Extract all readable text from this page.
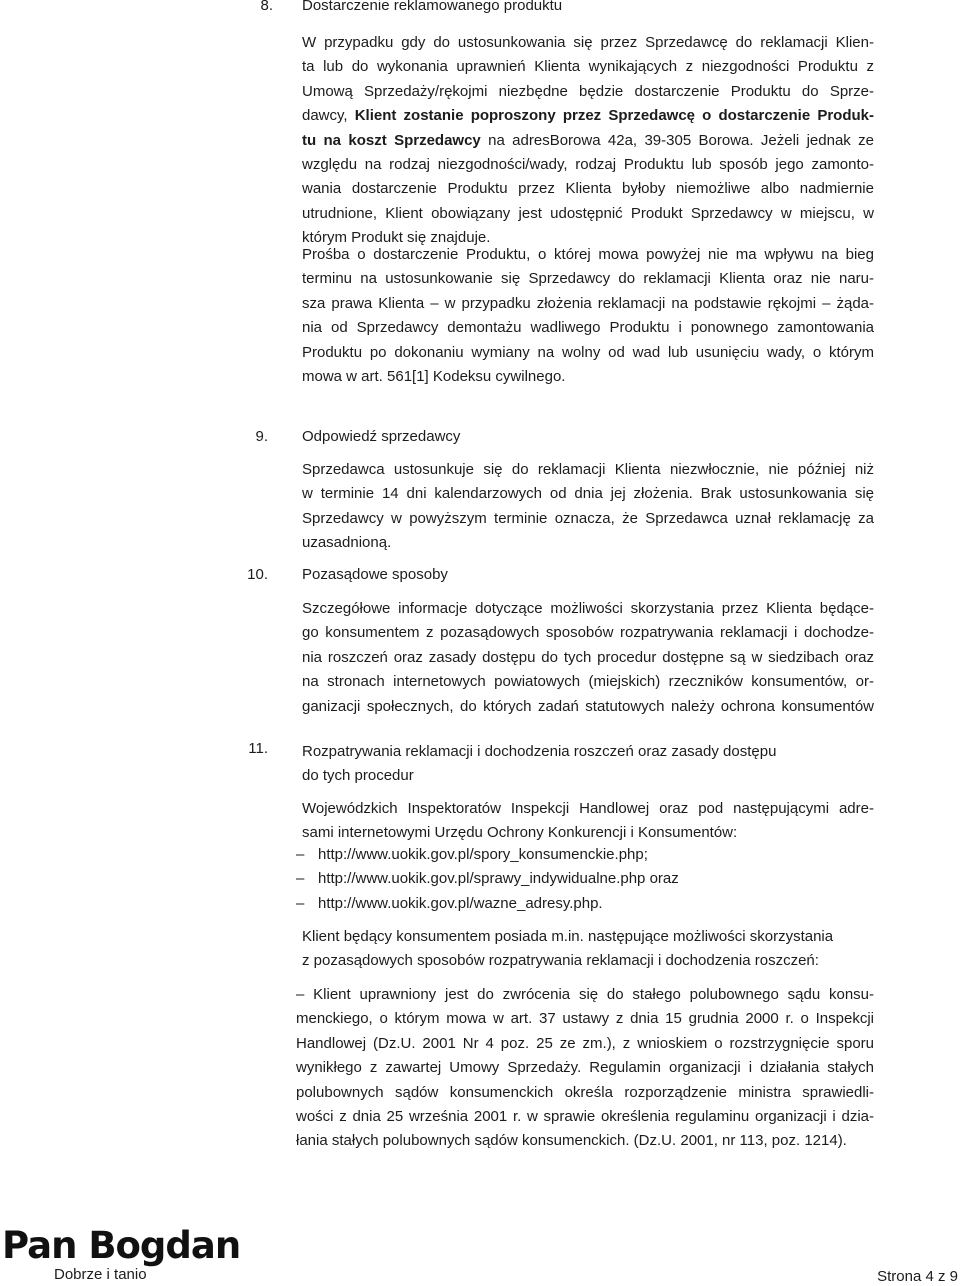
8. Dostarczenie reklamowanego produktu
W przypadku gdy do ustosunkowania się przez Sprzedawcę do reklamacji Klien-
ta lub do wykonania uprawnień Klienta wynikających z niezgodności Produktu z
Umową Sprzedaży/rękojmi niezbędne będzie dostarczenie Produktu do Sprze-
dawcy, Klient zostanie poproszony przez Sprzedawcę o dostarczenie Produk-
tu na koszt Sprzedawcy na adresBorowa 42a, 39-305 Borowa. Jeżeli jednak ze
względu na rodzaj niezgodności/wady, rodzaj Produktu lub sposób jego zamonto-
wania dostarczenie Produktu przez Klienta byłoby niemożliwe albo nadmiernie
utrudnione, Klient obowiązany jest udostępnić Produkt Sprzedawcy w miejscu, w
którym Produkt się znajduje.
Prośba o dostarczenie Produktu, o której mowa powyżej nie ma wpływu na bieg
terminu na ustosunkowanie się Sprzedawcy do reklamacji Klienta oraz nie naru-
sza prawa Klienta – w przypadku złożenia reklamacji na podstawie rękojmi – żąda-
nia od Sprzedawcy demontażu wadliwego Produktu i ponownego zamontowania
Produktu po dokonaniu wymiany na wolny od wad lub usunięciu wady, o którym
mowa w art. 561[1] Kodeksu cywilnego.
9. Odpowiedź sprzedawcy
Sprzedawca ustosunkuje się do reklamacji Klienta niezwłocznie, nie później niż
w terminie 14 dni kalendarzowych od dnia jej złożenia. Brak ustosunkowania się
Sprzedawcy w powyższym terminie oznacza, że Sprzedawca uznał reklamację za
uzasadnioną.
10. Pozasądowe sposoby
Szczegółowe informacje dotyczące możliwości skorzystania przez Klienta będące-
go konsumentem z pozasądowych sposobów rozpatrywania reklamacji i dochodze-
nia roszczeń oraz zasady dostępu do tych procedur dostępne są w siedzibach oraz
na stronach internetowych powiatowych (miejskich) rzeczników konsumentów, or-
ganizacji społecznych, do których zadań statutowych należy ochrona konsumentów
11. Rozpatrywania reklamacji i dochodzenia roszczeń oraz zasady dostępu
do tych procedur
Wojewódzkich Inspektoratów Inspekcji Handlowej oraz pod następującymi adre-
sami internetowymi Urzędu Ochrony Konkurencji i Konsumentów:
– http://www.uokik.gov.pl/spory_konsumenckie.php;
– http://www.uokik.gov.pl/sprawy_indywidualne.php oraz
– http://www.uokik.gov.pl/wazne_adresy.php.
Klient będący konsumentem posiada m.in. następujące możliwości skorzystania
z pozasądowych sposobów rozpatrywania reklamacji i dochodzenia roszczeń:
– Klient uprawniony jest do zwrócenia się do stałego polubownego sądu konsu-
menckiego, o którym mowa w art. 37 ustawy z dnia 15 grudnia 2000 r. o Inspekcji
Handlowej (Dz.U. 2001 Nr 4 poz. 25 ze zm.), z wnioskiem o rozstrzygnięcie sporu
wynikłego z zawartej Umowy Sprzedaży. Regulamin organizacji i działania stałych
polubownych sądów konsumenckich określa rozporządzenie ministra sprawiedli-
wości z dnia 25 września 2001 r. w sprawie określenia regulaminu organizacji i dzia-
łania stałych polubownych sądów konsumenckich. (Dz.U. 2001, nr 113, poz. 1214).
Pan Bogdan
Dobrze i tanio	Strona 4 z 9
